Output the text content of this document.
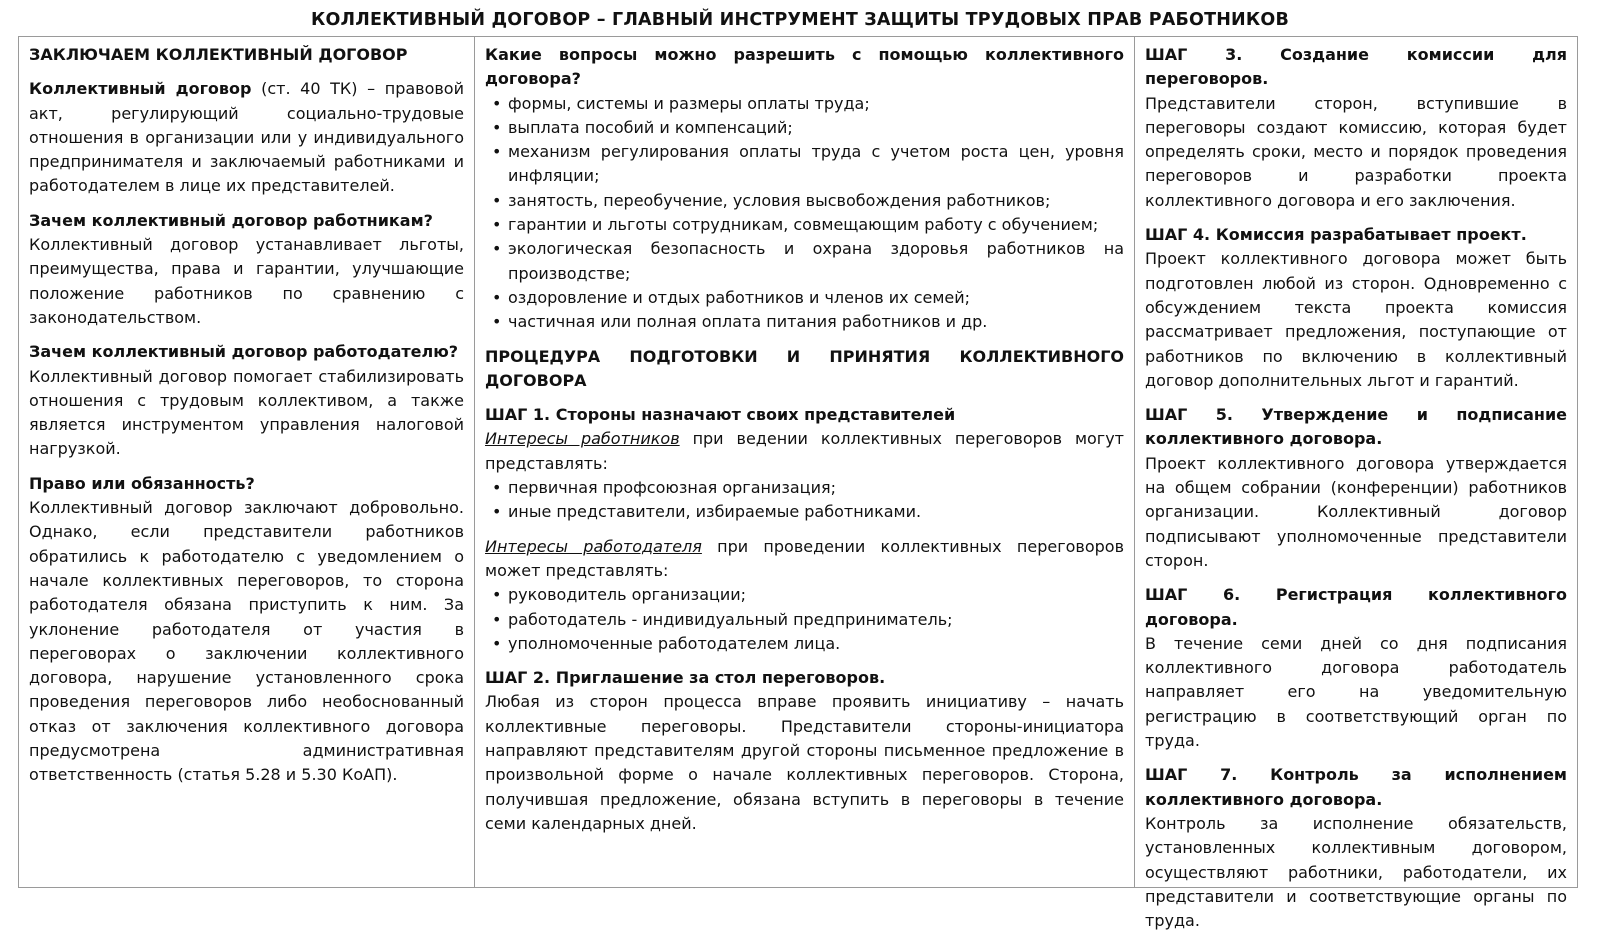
КОЛЛЕКТИВНЫЙ ДОГОВОР – ГЛАВНЫЙ ИНСТРУМЕНТ ЗАЩИТЫ ТРУДОВЫХ ПРАВ РАБОТНИКОВ

ЗАКЛЮЧАЕМ КОЛЛЕКТИВНЫЙ ДОГОВОР

Коллективный договор (ст. 40 ТК) – правовой акт, регулирующий социально-трудовые отношения в организации или у индивидуального предпринимателя и заключаемый работниками и работодателем в лице их представителей.

Зачем коллективный договор работникам?

Коллективный договор устанавливает льготы, преимущества, права и гарантии, улучшающие положение работников по сравнению с законодательством.

Зачем коллективный договор работодателю?

Коллективный договор помогает стабилизировать отношения с трудовым коллективом, а также является инструментом управления налоговой нагрузкой.

Право или обязанность?

Коллективный договор заключают добровольно. Однако, если представители работников обратились к работодателю с уведомлением о начале коллективных переговоров, то сторона работодателя обязана приступить к ним. За уклонение работодателя от участия в переговорах о заключении коллективного договора, нарушение установленного срока проведения переговоров либо необоснованный отказ от заключения коллективного договора предусмотрена административная ответственность (статья 5.28 и 5.30 КоАП).

Какие вопросы можно разрешить с помощью коллективного договора?

• формы, системы и размеры оплаты труда;
• выплата пособий и компенсаций;
• механизм регулирования оплаты труда с учетом роста цен, уровня инфляции;
• занятость, переобучение, условия высвобождения работников;
• гарантии и льготы сотрудникам, совмещающим работу с обучением;
• экологическая безопасность и охрана здоровья работников на производстве;
• оздоровление и отдых работников и членов их семей;
• частичная или полная оплата питания работников и др.

ПРОЦЕДУРА ПОДГОТОВКИ И ПРИНЯТИЯ КОЛЛЕКТИВНОГО ДОГОВОРА

ШАГ 1. Стороны назначают своих представителей

Интересы работников при ведении коллективных переговоров могут представлять:

• первичная профсоюзная организация;
• иные представители, избираемые работниками.

Интересы работодателя при проведении коллективных переговоров может представлять:

• руководитель организации;
• работодатель - индивидуальный предприниматель;
• уполномоченные работодателем лица.

ШАГ 2. Приглашение за стол переговоров.

Любая из сторон процесса вправе проявить инициативу – начать коллективные переговоры. Представители стороны-инициатора направляют представителям другой стороны письменное предложение в произвольной форме о начале коллективных переговоров. Сторона, получившая предложение, обязана вступить в переговоры в течение семи календарных дней.

ШАГ 3. Создание комиссии для переговоров.

Представители сторон, вступившие в переговоры создают комиссию, которая будет определять сроки, место и порядок проведения переговоров и разработки проекта коллективного договора и его заключения.

ШАГ 4. Комиссия разрабатывает проект.

Проект коллективного договора может быть подготовлен любой из сторон. Одновременно с обсуждением текста проекта комиссия рассматривает предложения, поступающие от работников по включению в коллективный договор дополнительных льгот и гарантий.

ШАГ 5. Утверждение и подписание коллективного договора.

Проект коллективного договора утверждается на общем собрании (конференции) работников организации. Коллективный договор подписывают уполномоченные представители сторон.

ШАГ 6. Регистрация коллективного договора.

В течение семи дней со дня подписания коллективного договора работодатель направляет его на уведомительную регистрацию в соответствующий орган по труда.

ШАГ 7. Контроль за исполнением коллективного договора.

Контроль за исполнение обязательств, установленных коллективным договором, осуществляют работники, работодатели, их представители и соответствующие органы по труда.
